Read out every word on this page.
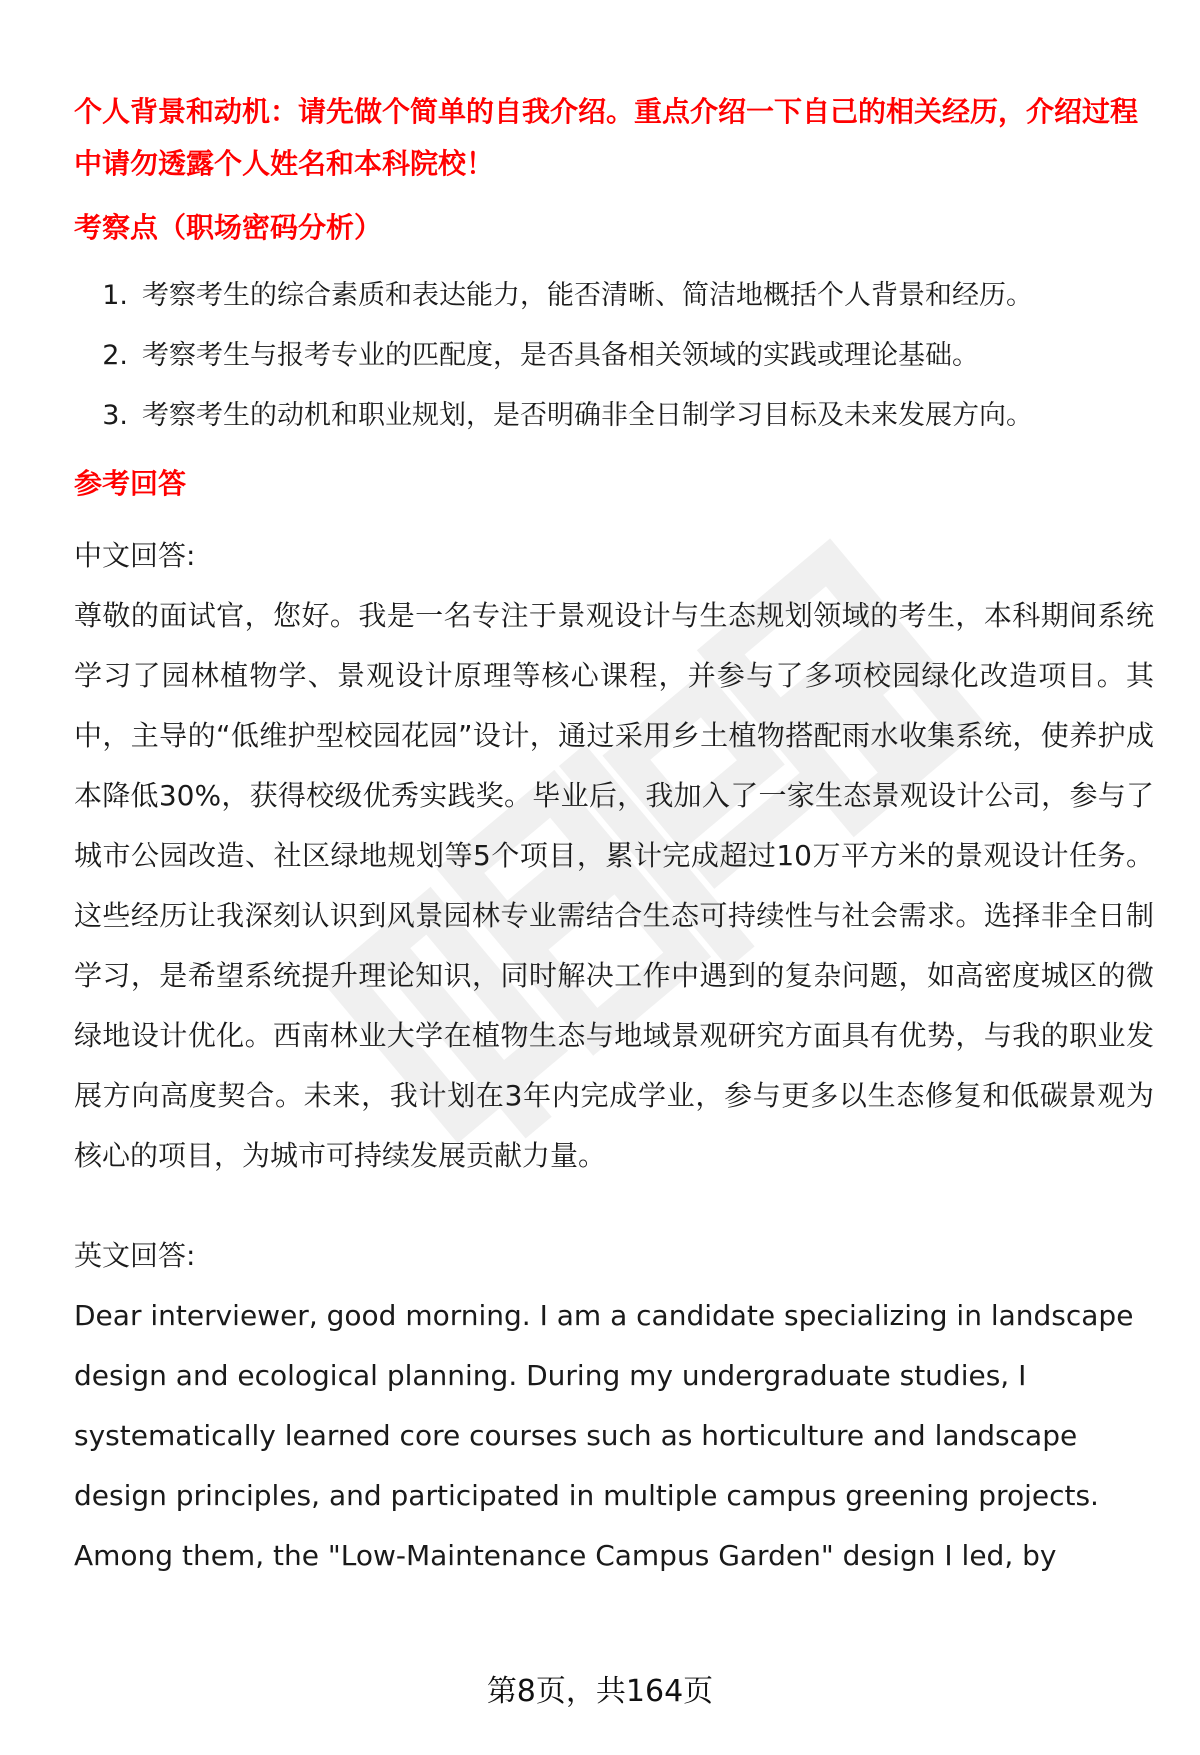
个人背景和动机：请先做个简单的自我介绍。重点介绍一下自己的相关经历，介绍过程中请勿透露个人姓名和本科院校！

考察点（职场密码分析）
1. 考察考生的综合素质和表达能力，能否清晰、简洁地概括个人背景和经历。
2. 考察考生与报考专业的匹配度，是否具备相关领域的实践或理论基础。
3. 考察考生的动机和职业规划，是否明确非全日制学习目标及未来发展方向。
参考回答

中文回答:

尊敬的面试官，您好。我是一名专注于景观设计与生态规划领域的考生，本科期间系统学习了园林植物学、景观设计原理等核心课程，并参与了多项校园绿化改造项目。其中，主导的“低维护型校园花园”设计，通过采用乡土植物搭配雨水收集系统，使养护成本降低30%，获得校级优秀实践奖。毕业后，我加入了一家生态景观设计公司，参与了城市公园改造、社区绿地规划等5个项目，累计完成超过10万平方米的景观设计任务。这些经历让我深刻认识到风景园林专业需结合生态可持续性与社会需求。选择非全日制学习，是希望系统提升理论知识，同时解决工作中遇到的复杂问题，如高密度城区的微绿地设计优化。西南林业大学在植物生态与地域景观研究方面具有优势，与我的职业发展方向高度契合。未来，我计划在3年内完成学业，参与更多以生态修复和低碳景观为核心的项目，为城市可持续发展贡献力量。

英文回答:

Dear interviewer, good morning. I am a candidate specializing in landscape design and ecological planning. During my undergraduate studies, I systematically learned core courses such as horticulture and landscape design principles, and participated in multiple campus greening projects. Among them, the "Low-Maintenance Campus Garden" design I led, by

第8页，共164页
